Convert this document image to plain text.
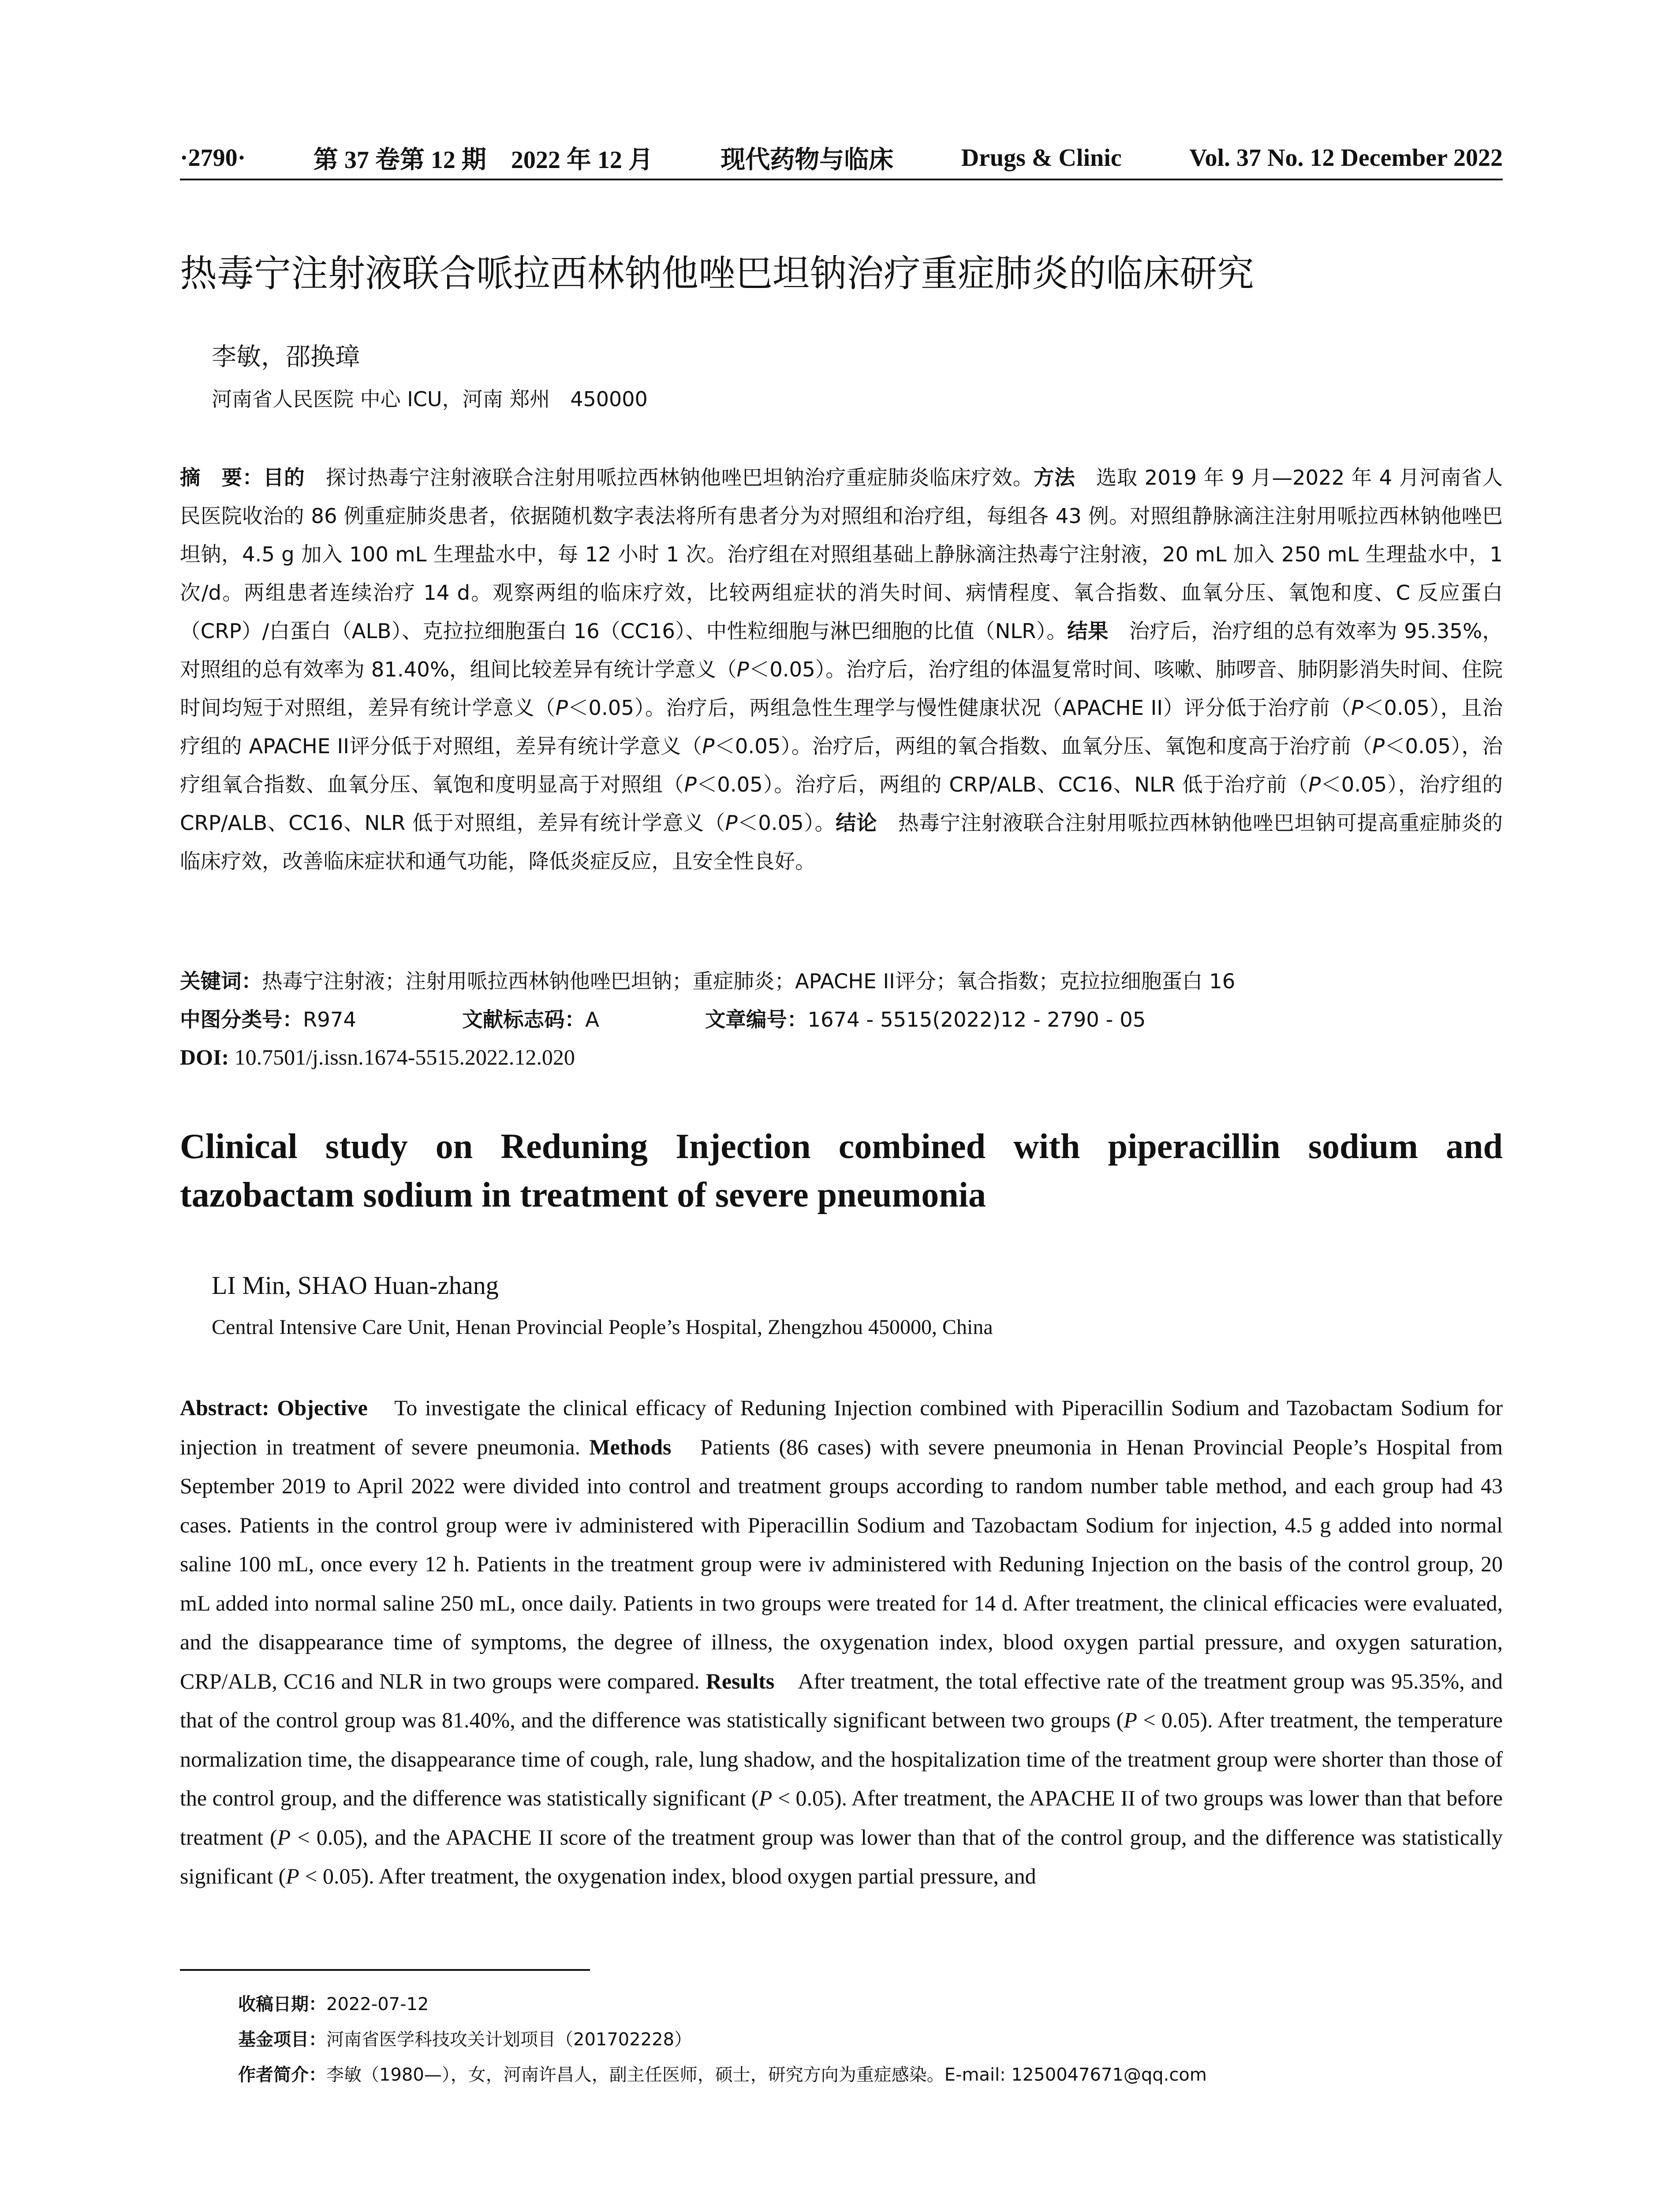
·2790·	第 37 卷第 12 期　2022 年 12 月	现代药物与临床	Drugs & Clinic	Vol. 37 No. 12 December 2022
热毒宁注射液联合哌拉西林钠他唑巴坦钠治疗重症肺炎的临床研究
李敏，邵换璋
河南省人民医院 中心 ICU，河南 郑州　450000
摘　要：目的　探讨热毒宁注射液联合注射用哌拉西林钠他唑巴坦钠治疗重症肺炎临床疗效。方法　选取 2019 年 9 月—2022 年 4 月河南省人民医院收治的 86 例重症肺炎患者，依据随机数字表法将所有患者分为对照组和治疗组，每组各 43 例。对照组静脉滴注注射用哌拉西林钠他唑巴坦钠，4.5 g 加入 100 mL 生理盐水中，每 12 小时 1 次。治疗组在对照组基础上静脉滴注热毒宁注射液，20 mL 加入 250 mL 生理盐水中，1 次/d。两组患者连续治疗 14 d。观察两组的临床疗效，比较两组症状的消失时间、病情程度、氧合指数、血氧分压、氧饱和度、C 反应蛋白（CRP）/白蛋白（ALB）、克拉拉细胞蛋白 16（CC16）、中性粒细胞与淋巴细胞的比值（NLR）。结果　治疗后，治疗组的总有效率为 95.35%，对照组的总有效率为 81.40%，组间比较差异有统计学意义（P＜0.05）。治疗后，治疗组的体温复常时间、咳嗽、肺啰音、肺阴影消失时间、住院时间均短于对照组，差异有统计学意义（P＜0.05）。治疗后，两组急性生理学与慢性健康状况（APACHE II）评分低于治疗前（P＜0.05），且治疗组的 APACHE II评分低于对照组，差异有统计学意义（P＜0.05）。治疗后，两组的氧合指数、血氧分压、氧饱和度高于治疗前（P＜0.05），治疗组氧合指数、血氧分压、氧饱和度明显高于对照组（P＜0.05）。治疗后，两组的 CRP/ALB、CC16、NLR 低于治疗前（P＜0.05），治疗组的 CRP/ALB、CC16、NLR 低于对照组，差异有统计学意义（P＜0.05）。结论　热毒宁注射液联合注射用哌拉西林钠他唑巴坦钠可提高重症肺炎的临床疗效，改善临床症状和通气功能，降低炎症反应，且安全性良好。
关键词：热毒宁注射液；注射用哌拉西林钠他唑巴坦钠；重症肺炎；APACHE II评分；氧合指数；克拉拉细胞蛋白 16
中图分类号：R974	文献标志码：A	文章编号：1674 - 5515(2022)12 - 2790 - 05
DOI: 10.7501/j.issn.1674-5515.2022.12.020
Clinical study on Reduning Injection combined with piperacillin sodium and tazobactam sodium in treatment of severe pneumonia
LI Min, SHAO Huan-zhang
Central Intensive Care Unit, Henan Provincial People’s Hospital, Zhengzhou 450000, China
Abstract: Objective　To investigate the clinical efficacy of Reduning Injection combined with Piperacillin Sodium and Tazobactam Sodium for injection in treatment of severe pneumonia. Methods　Patients (86 cases) with severe pneumonia in Henan Provincial People’s Hospital from September 2019 to April 2022 were divided into control and treatment groups according to random number table method, and each group had 43 cases. Patients in the control group were iv administered with Piperacillin Sodium and Tazobactam Sodium for injection, 4.5 g added into normal saline 100 mL, once every 12 h. Patients in the treatment group were iv administered with Reduning Injection on the basis of the control group, 20 mL added into normal saline 250 mL, once daily. Patients in two groups were treated for 14 d. After treatment, the clinical efficacies were evaluated, and the disappearance time of symptoms, the degree of illness, the oxygenation index, blood oxygen partial pressure, and oxygen saturation, CRP/ALB, CC16 and NLR in two groups were compared. Results　After treatment, the total effective rate of the treatment group was 95.35%, and that of the control group was 81.40%, and the difference was statistically significant between two groups (P < 0.05). After treatment, the temperature normalization time, the disappearance time of cough, rale, lung shadow, and the hospitalization time of the treatment group were shorter than those of the control group, and the difference was statistically significant (P < 0.05). After treatment, the APACHE II of two groups was lower than that before treatment (P < 0.05), and the APACHE II score of the treatment group was lower than that of the control group, and the difference was statistically significant (P < 0.05). After treatment, the oxygenation index, blood oxygen partial pressure, and
收稿日期：2022-07-12
基金项目：河南省医学科技攻关计划项目（201702228）
作者简介：李敏（1980—），女，河南许昌人，副主任医师，硕士，研究方向为重症感染。E-mail: 1250047671@qq.com
